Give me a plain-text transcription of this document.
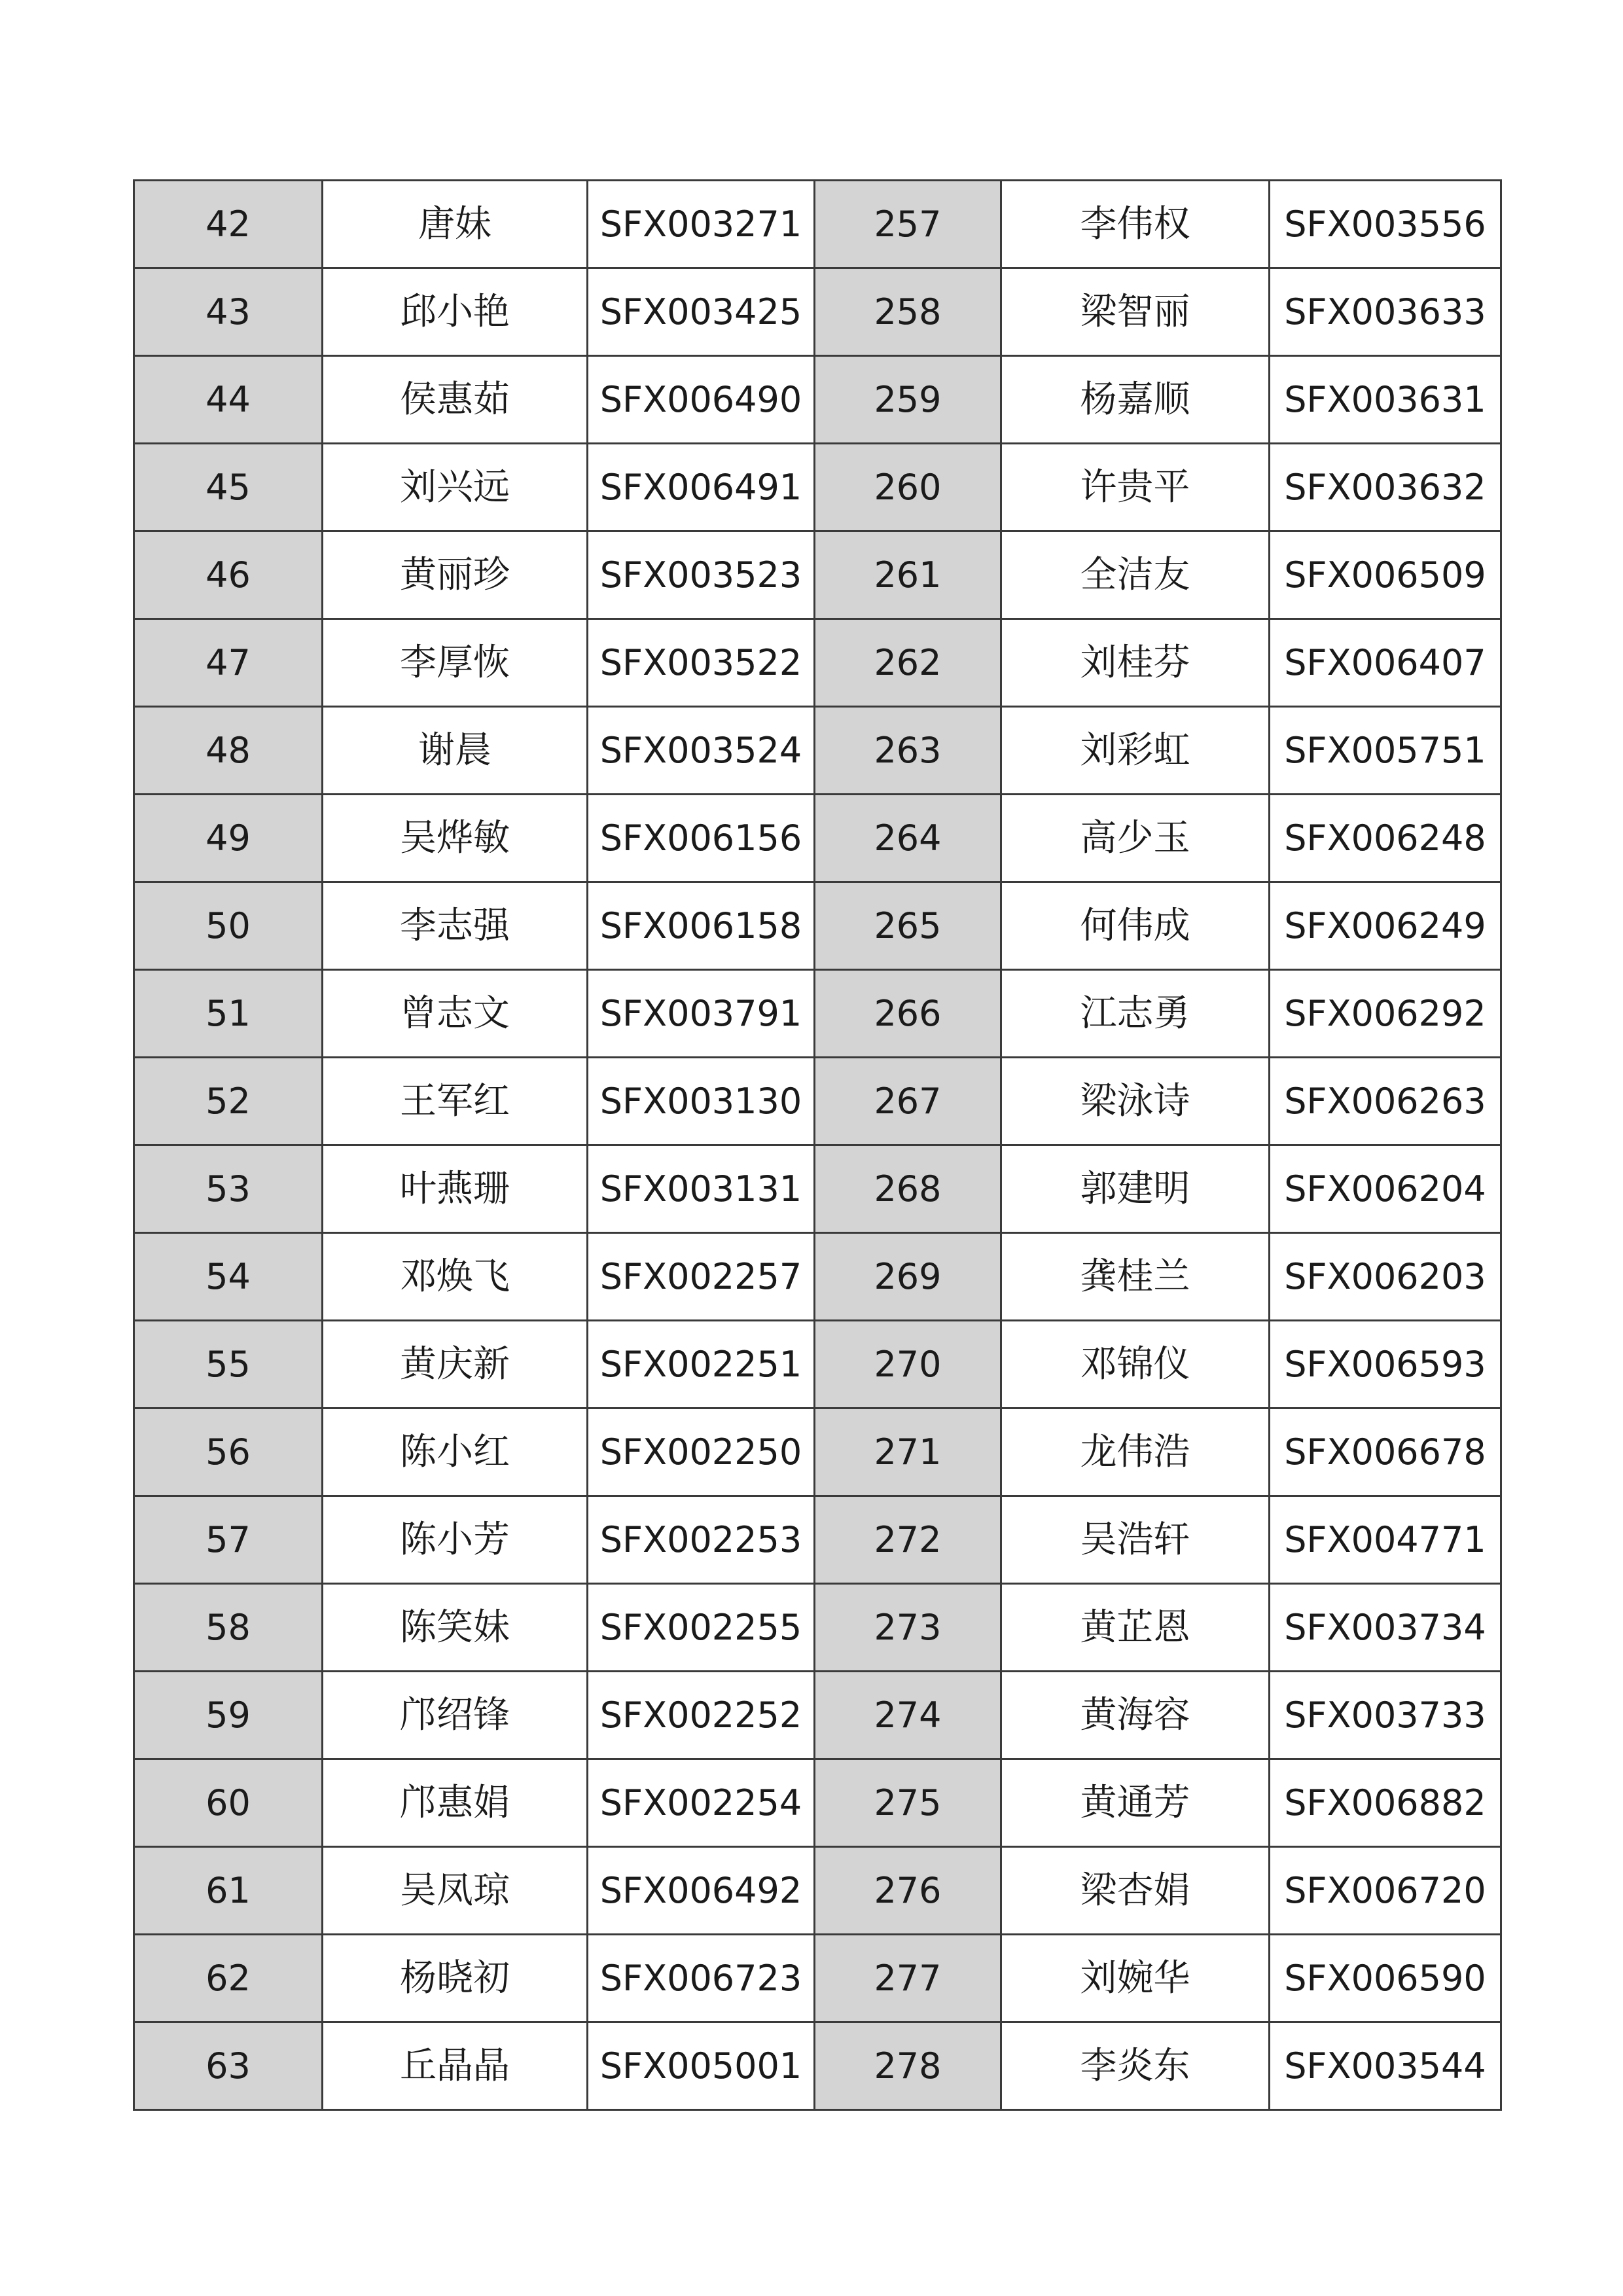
42	唐妹	SFX003271	257	李伟权	SFX003556
43	邱小艳	SFX003425	258	梁智丽	SFX003633
44	侯惠茹	SFX006490	259	杨嘉顺	SFX003631
45	刘兴远	SFX006491	260	许贵平	SFX003632
46	黄丽珍	SFX003523	261	全洁友	SFX006509
47	李厚恢	SFX003522	262	刘桂芬	SFX006407
48	谢晨	SFX003524	263	刘彩虹	SFX005751
49	吴烨敏	SFX006156	264	高少玉	SFX006248
50	李志强	SFX006158	265	何伟成	SFX006249
51	曾志文	SFX003791	266	江志勇	SFX006292
52	王军红	SFX003130	267	梁泳诗	SFX006263
53	叶燕珊	SFX003131	268	郭建明	SFX006204
54	邓焕飞	SFX002257	269	龚桂兰	SFX006203
55	黄庆新	SFX002251	270	邓锦仪	SFX006593
56	陈小红	SFX002250	271	龙伟浩	SFX006678
57	陈小芳	SFX002253	272	吴浩轩	SFX004771
58	陈笑妹	SFX002255	273	黄芷恩	SFX003734
59	邝绍锋	SFX002252	274	黄海容	SFX003733
60	邝惠娟	SFX002254	275	黄通芳	SFX006882
61	吴凤琼	SFX006492	276	梁杏娟	SFX006720
62	杨晓初	SFX006723	277	刘婉华	SFX006590
63	丘晶晶	SFX005001	278	李炎东	SFX003544
